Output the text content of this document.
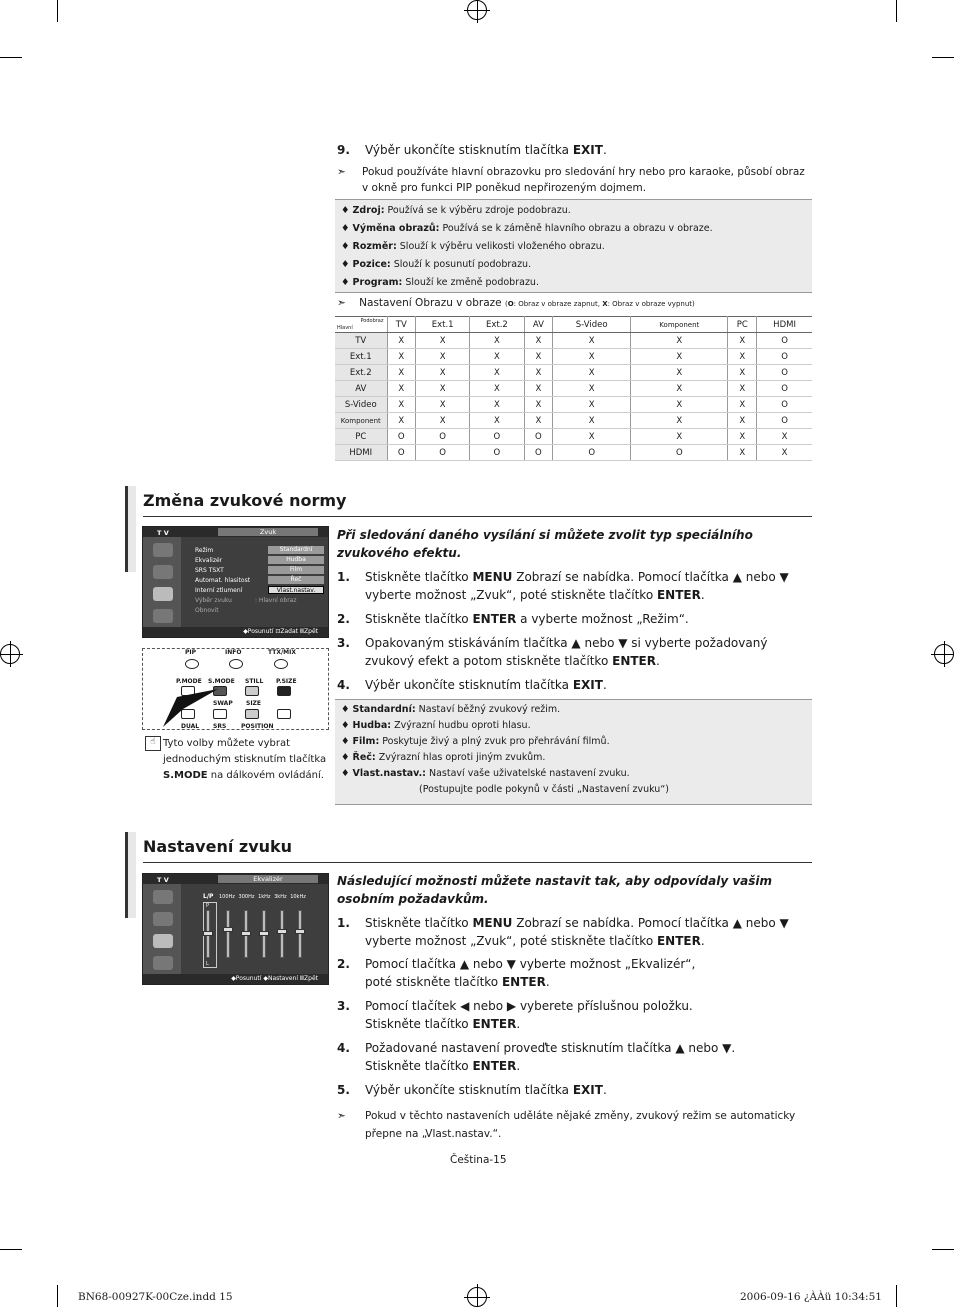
9. Výběr ukončíte stisknutím tlačítka EXIT.
➣	Pokud používáte hlavní obrazovku pro sledování hry nebo pro karaoke, působí obraz v okně pro funkci PIP poněkud nepřirozeným dojmem.
♦ Zdroj: Používá se k výběru zdroje podobrazu.
♦ Výměna obrazů: Používá se k záměně hlavního obrazu a obrazu v obraze.
♦ Rozměr: Slouží k výběru velikosti vloženého obrazu.
♦ Pozice: Slouží k posunutí podobrazu.
♦ Program: Slouží ke změně podobrazu.
➣ Nastavení Obrazu v obraze (O: Obraz v obraze zapnut, X: Obraz v obraze vypnut)
Podobraz
Hlavní	TV	Ext.1	Ext.2	AV	S-Video	Komponent	PC	HDMI
TV	X	X	X	X	X	X	X	O
Ext.1	X	X	X	X	X	X	X	O
Ext.2	X	X	X	X	X	X	X	O
AV	X	X	X	X	X	X	X	O
S-Video	X	X	X	X	X	X	X	O
Komponent	X	X	X	X	X	X	X	O
PC	O	O	O	O	X	X	X	X
HDMI	O	O	O	O	O	O	X	X
Změna zvukové normy
T V	Zvuk
Režim
Ekvalizér
SRS TSXT
Automat. hlasitost
Interní ztlumení
Výběr zvuku
Obnovit
Standardní
Hudba
Film
Řeč
Vlast.nastav.
: Hlavní obraz
◆Posunutí ⊡Zadat ⅢZpět
PIP	INFO	TTX/MIX
P.MODE S.MODE STILL P.SIZE
SWAP SIZE
DUAL SRS POSITION
☝ Tyto volby můžete vybrat
jednoduchým stisknutím tlačítka
S.MODE na dálkovém ovládání.
Při sledování daného vysílání si můžete zvolit typ speciálního zvukového efektu.
1. Stiskněte tlačítko MENU Zobrazí se nabídka. Pomocí tlačítka ▲ nebo ▼
vyberte možnost „Zvuk“, poté stiskněte tlačítko ENTER.
2. Stiskněte tlačítko ENTER a vyberte možnost „Režim“.
3. Opakovaným stiskáváním tlačítka ▲ nebo ▼ si vyberte požadovaný
zvukový efekt a potom stiskněte tlačítko ENTER.
4. Výběr ukončíte stisknutím tlačítka EXIT.
♦ Standardní: Nastaví běžný zvukový režim.
♦ Hudba: Zvýrazní hudbu oproti hlasu.
♦ Film: Poskytuje živý a plný zvuk pro přehrávání filmů.
♦ Řeč: Zvýrazní hlas oproti jiným zvukům.
♦ Vlast.nastav.: Nastaví vaše uživatelské nastavení zvuku.
(Postupujte podle pokynů v části „Nastavení zvuku“)
Nastavení zvuku
T V	Ekvalizér
L/P 100Hz 300Hz 1kHz 3kHz 10kHz
P
L
◆Posunutí ◆Nastavení ⅢZpět
Následující možnosti můžete nastavit tak, aby odpovídaly vašim osobním požadavkům.
1. Stiskněte tlačítko MENU Zobrazí se nabídka. Pomocí tlačítka ▲ nebo ▼
vyberte možnost „Zvuk“, poté stiskněte tlačítko ENTER.
2. Pomocí tlačítka ▲ nebo ▼ vyberte možnost „Ekvalizér“,
poté stiskněte tlačítko ENTER.
3. Pomocí tlačítek ◀ nebo ▶ vyberete příslušnou položku.
Stiskněte tlačítko ENTER.
4. Požadované nastavení proveďte stisknutím tlačítka ▲ nebo ▼.
Stiskněte tlačítko ENTER.
5. Výběr ukončíte stisknutím tlačítka EXIT.
➣	Pokud v těchto nastaveních uděláte nějaké změny, zvukový režim se automaticky přepne na „Vlast.nastav.“.
Čeština-15
BN68-00927K-00Cze.indd 15	2006-09-16 ¿ÀÀü 10:34:51
